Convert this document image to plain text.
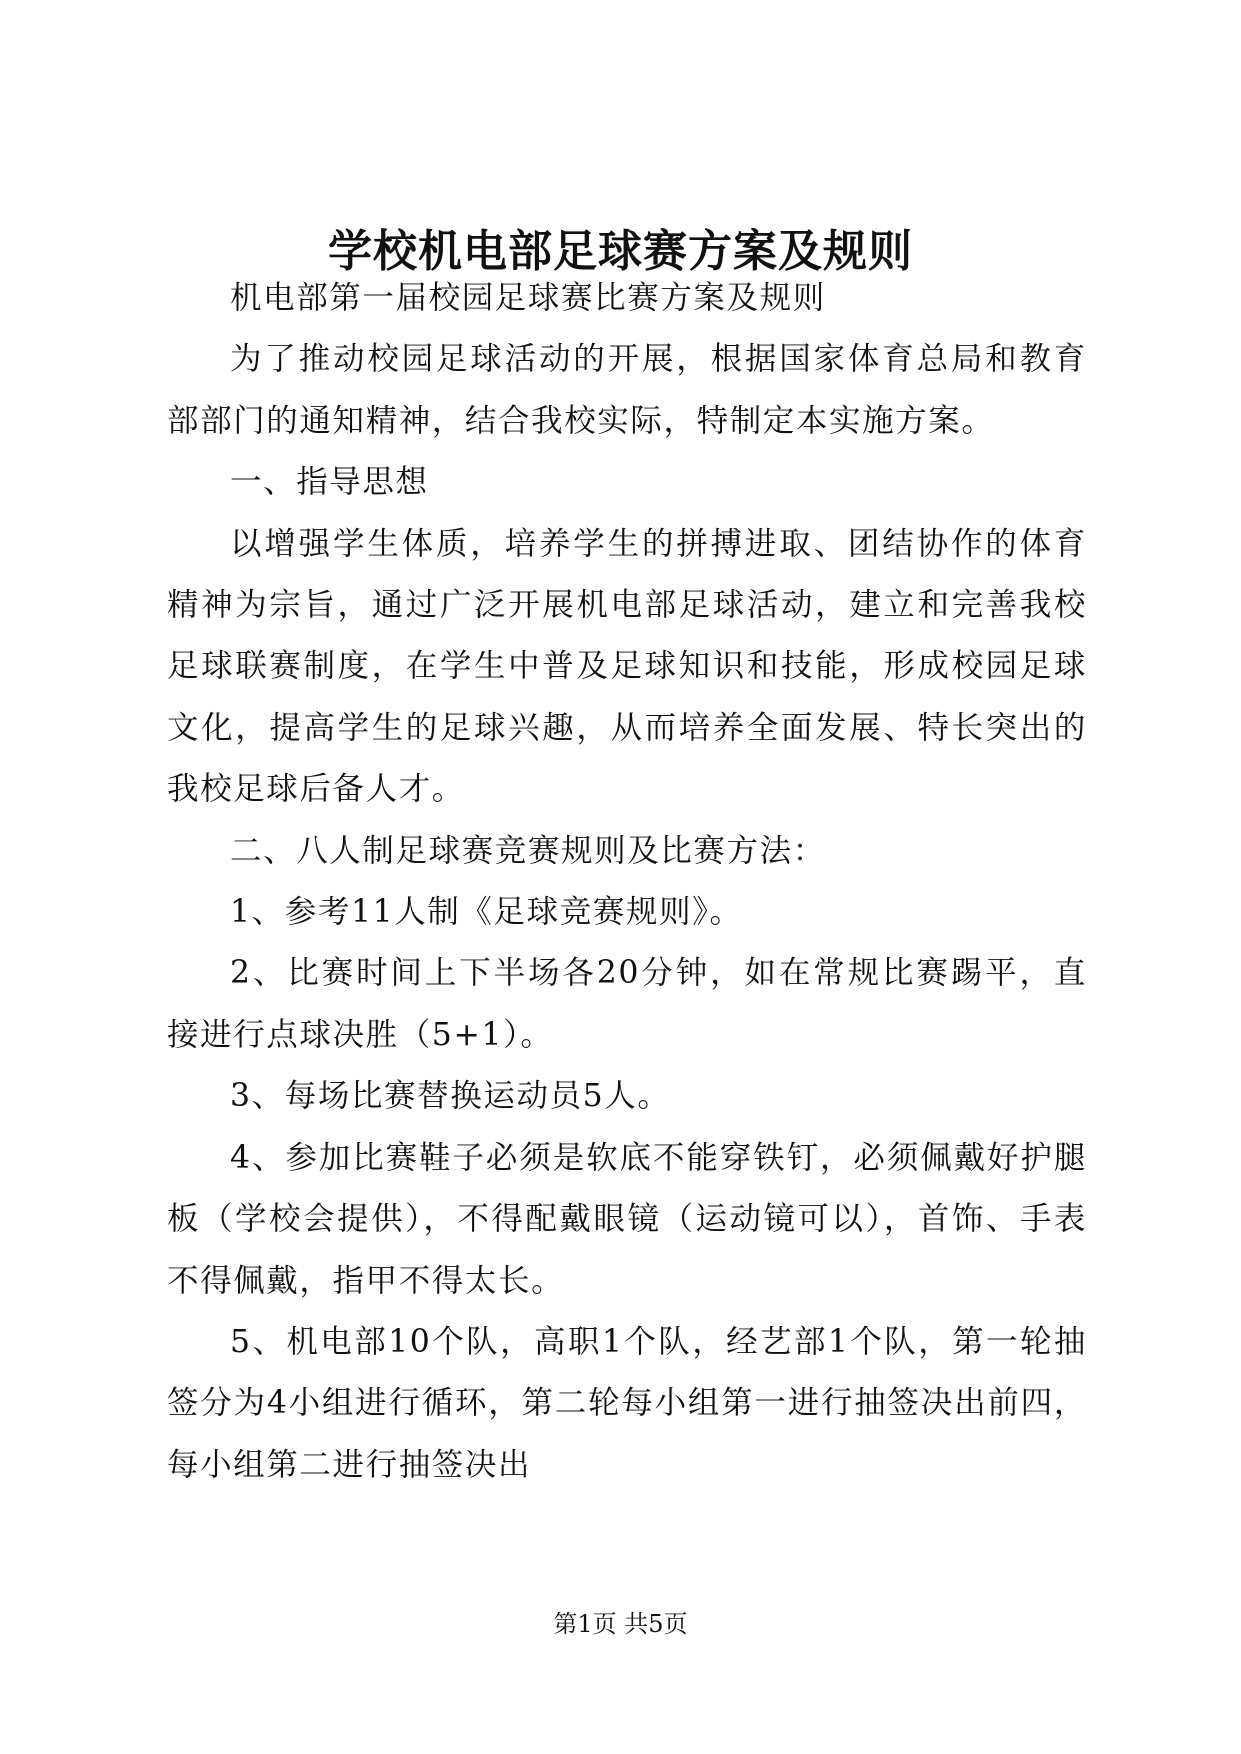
学校机电部足球赛方案及规则

机电部第一届校园足球赛比赛方案及规则

为了推动校园足球活动的开展，根据国家体育总局和教育部部门的通知精神，结合我校实际，特制定本实施方案。

一、指导思想

以增强学生体质，培养学生的拼搏进取、团结协作的体育精神为宗旨，通过广泛开展机电部足球活动，建立和完善我校足球联赛制度，在学生中普及足球知识和技能，形成校园足球文化，提高学生的足球兴趣，从而培养全面发展、特长突出的我校足球后备人才。

二、八人制足球赛竞赛规则及比赛方法：

1、参考11人制《足球竞赛规则》。

2、比赛时间上下半场各20分钟，如在常规比赛踢平，直接进行点球决胜（5+1）。

3、每场比赛替换运动员5人。

4、参加比赛鞋子必须是软底不能穿铁钉，必须佩戴好护腿板（学校会提供），不得配戴眼镜（运动镜可以），首饰、手表不得佩戴，指甲不得太长。

5、机电部10个队，高职1个队，经艺部1个队，第一轮抽签分为4小组进行循环，第二轮每小组第一进行抽签决出前四，每小组第二进行抽签决出

第1页 共5页
